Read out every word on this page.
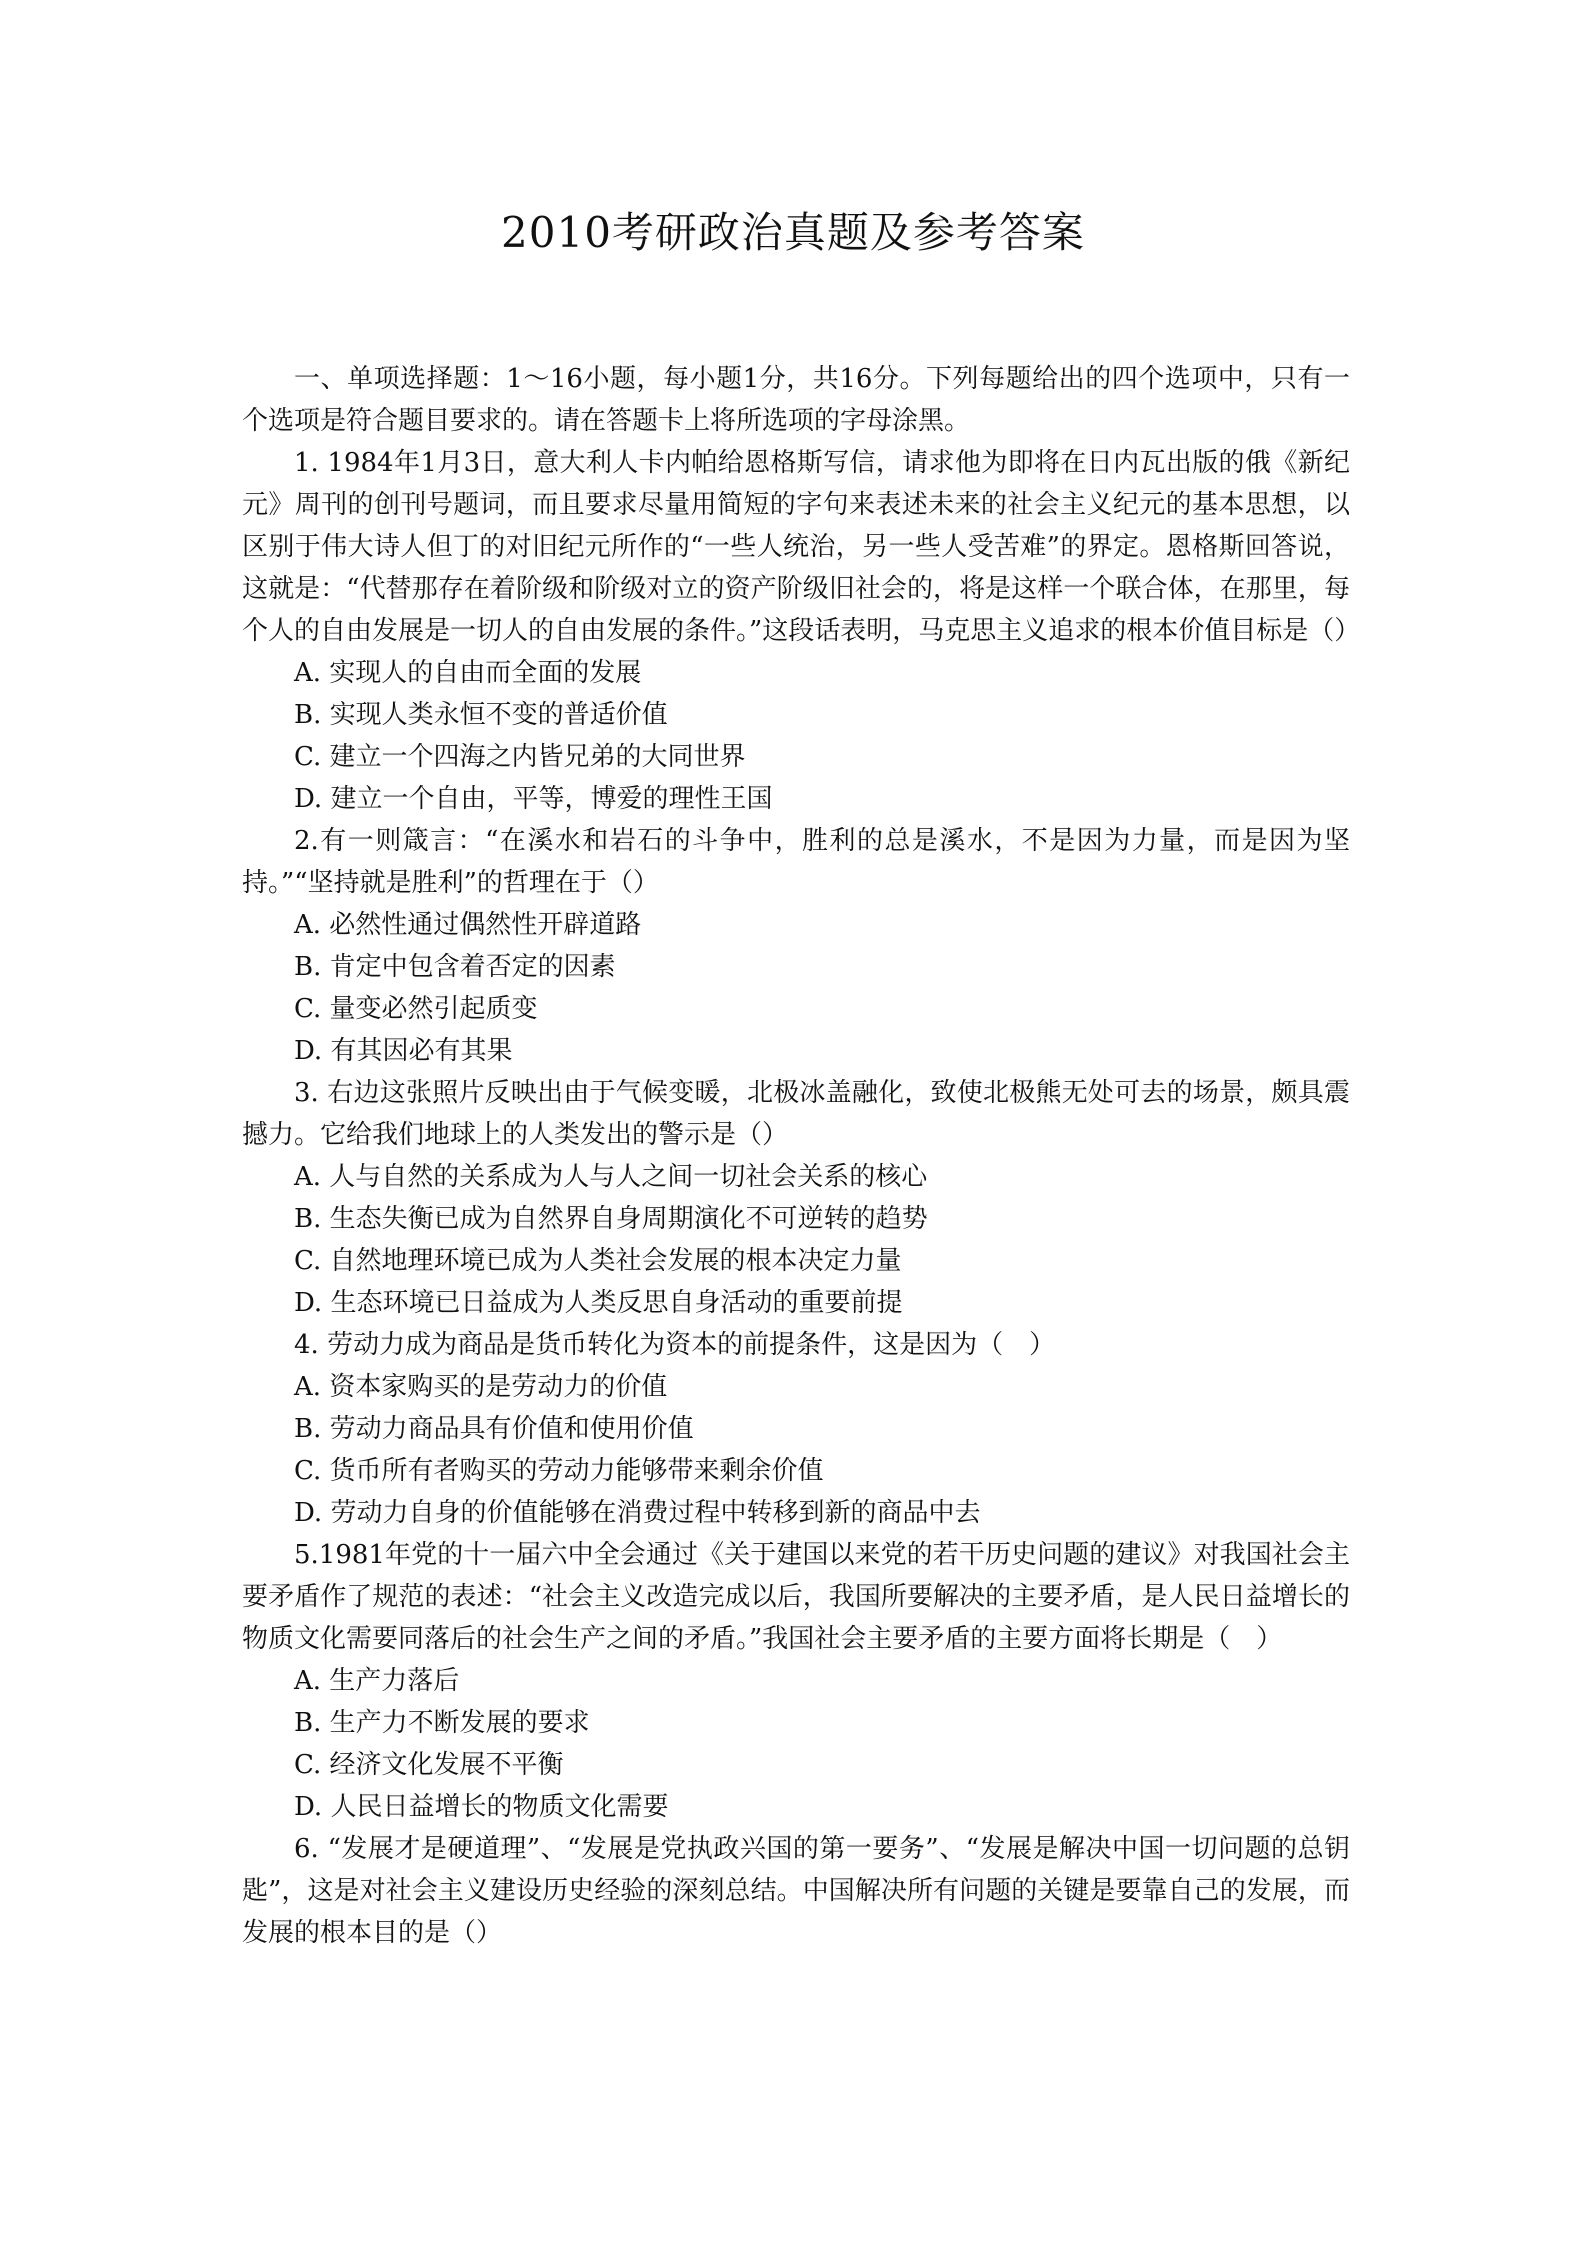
2010考研政治真题及参考答案

一、单项选择题：1～16小题，每小题1分，共16分。下列每题给出的四个选项中，只有一个选项是符合题目要求的。请在答题卡上将所选项的字母涂黑。

1. 1984年1月3日，意大利人卡内帕给恩格斯写信，请求他为即将在日内瓦出版的俄《新纪元》周刊的创刊号题词，而且要求尽量用简短的字句来表述未来的社会主义纪元的基本思想，以区别于伟大诗人但丁的对旧纪元所作的“一些人统治，另一些人受苦难”的界定。恩格斯回答说，这就是：“代替那存在着阶级和阶级对立的资产阶级旧社会的，将是这样一个联合体，在那里，每个人的自由发展是一切人的自由发展的条件。”这段话表明，马克思主义追求的根本价值目标是（）

A. 实现人的自由而全面的发展

B. 实现人类永恒不变的普适价值

C. 建立一个四海之内皆兄弟的大同世界

D. 建立一个自由，平等，博爱的理性王国

2.有一则箴言：“在溪水和岩石的斗争中，胜利的总是溪水，不是因为力量，而是因为坚持。”“坚持就是胜利”的哲理在于（）

A. 必然性通过偶然性开辟道路

B. 肯定中包含着否定的因素

C. 量变必然引起质变

D. 有其因必有其果

3. 右边这张照片反映出由于气候变暖，北极冰盖融化，致使北极熊无处可去的场景，颇具震撼力。它给我们地球上的人类发出的警示是（）

A. 人与自然的关系成为人与人之间一切社会关系的核心

B. 生态失衡已成为自然界自身周期演化不可逆转的趋势

C. 自然地理环境已成为人类社会发展的根本决定力量

D. 生态环境已日益成为人类反思自身活动的重要前提

4. 劳动力成为商品是货币转化为资本的前提条件，这是因为（　）

A. 资本家购买的是劳动力的价值

B. 劳动力商品具有价值和使用价值

C. 货币所有者购买的劳动力能够带来剩余价值

D. 劳动力自身的价值能够在消费过程中转移到新的商品中去

5.1981年党的十一届六中全会通过《关于建国以来党的若干历史问题的建议》对我国社会主要矛盾作了规范的表述：“社会主义改造完成以后，我国所要解决的主要矛盾，是人民日益增长的物质文化需要同落后的社会生产之间的矛盾。”我国社会主要矛盾的主要方面将长期是（　）

A. 生产力落后

B. 生产力不断发展的要求

C. 经济文化发展不平衡

D. 人民日益增长的物质文化需要

6. “发展才是硬道理”、“发展是党执政兴国的第一要务”、“发展是解决中国一切问题的总钥匙”，这是对社会主义建设历史经验的深刻总结。中国解决所有问题的关键是要靠自己的发展，而发展的根本目的是（）
